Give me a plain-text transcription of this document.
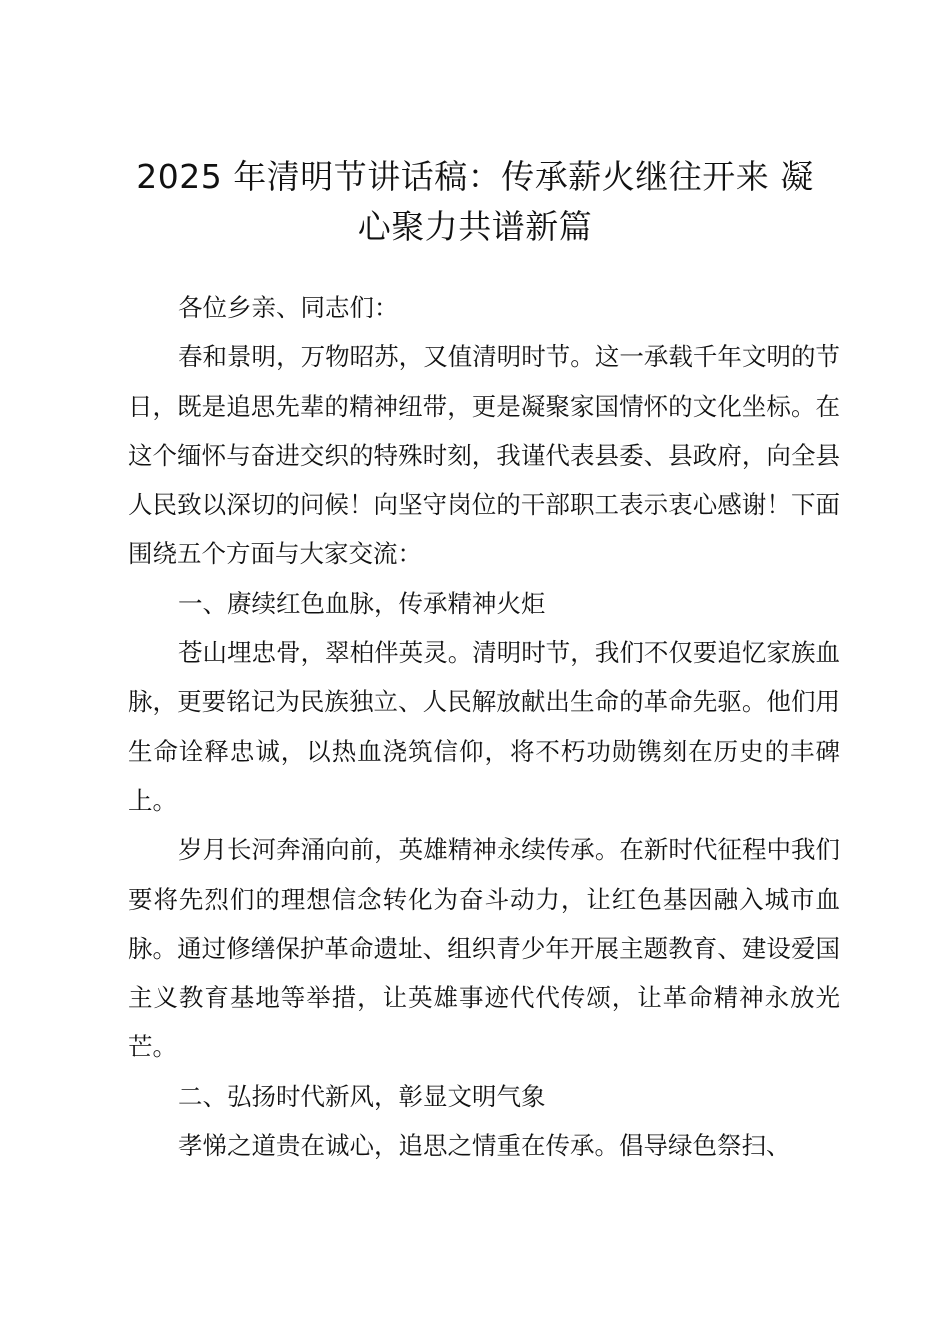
2025 年清明节讲话稿：传承薪火继往开来 凝
心聚力共谱新篇

各位乡亲、同志们：

春和景明，万物昭苏，又值清明时节。这一承载千年文明的节日，既是追思先辈的精神纽带，更是凝聚家国情怀的文化坐标。在这个缅怀与奋进交织的特殊时刻，我谨代表县委、县政府，向全县人民致以深切的问候！向坚守岗位的干部职工表示衷心感谢！下面围绕五个方面与大家交流：

一、赓续红色血脉，传承精神火炬

苍山埋忠骨，翠柏伴英灵。清明时节，我们不仅要追忆家族血脉，更要铭记为民族独立、人民解放献出生命的革命先驱。他们用生命诠释忠诚，以热血浇筑信仰，将不朽功勋镌刻在历史的丰碑上。

岁月长河奔涌向前，英雄精神永续传承。在新时代征程中我们要将先烈们的理想信念转化为奋斗动力，让红色基因融入城市血脉。通过修缮保护革命遗址、组织青少年开展主题教育、建设爱国主义教育基地等举措，让英雄事迹代代传颂，让革命精神永放光芒。

二、弘扬时代新风，彰显文明气象

孝悌之道贵在诚心，追思之情重在传承。倡导绿色祭扫、
